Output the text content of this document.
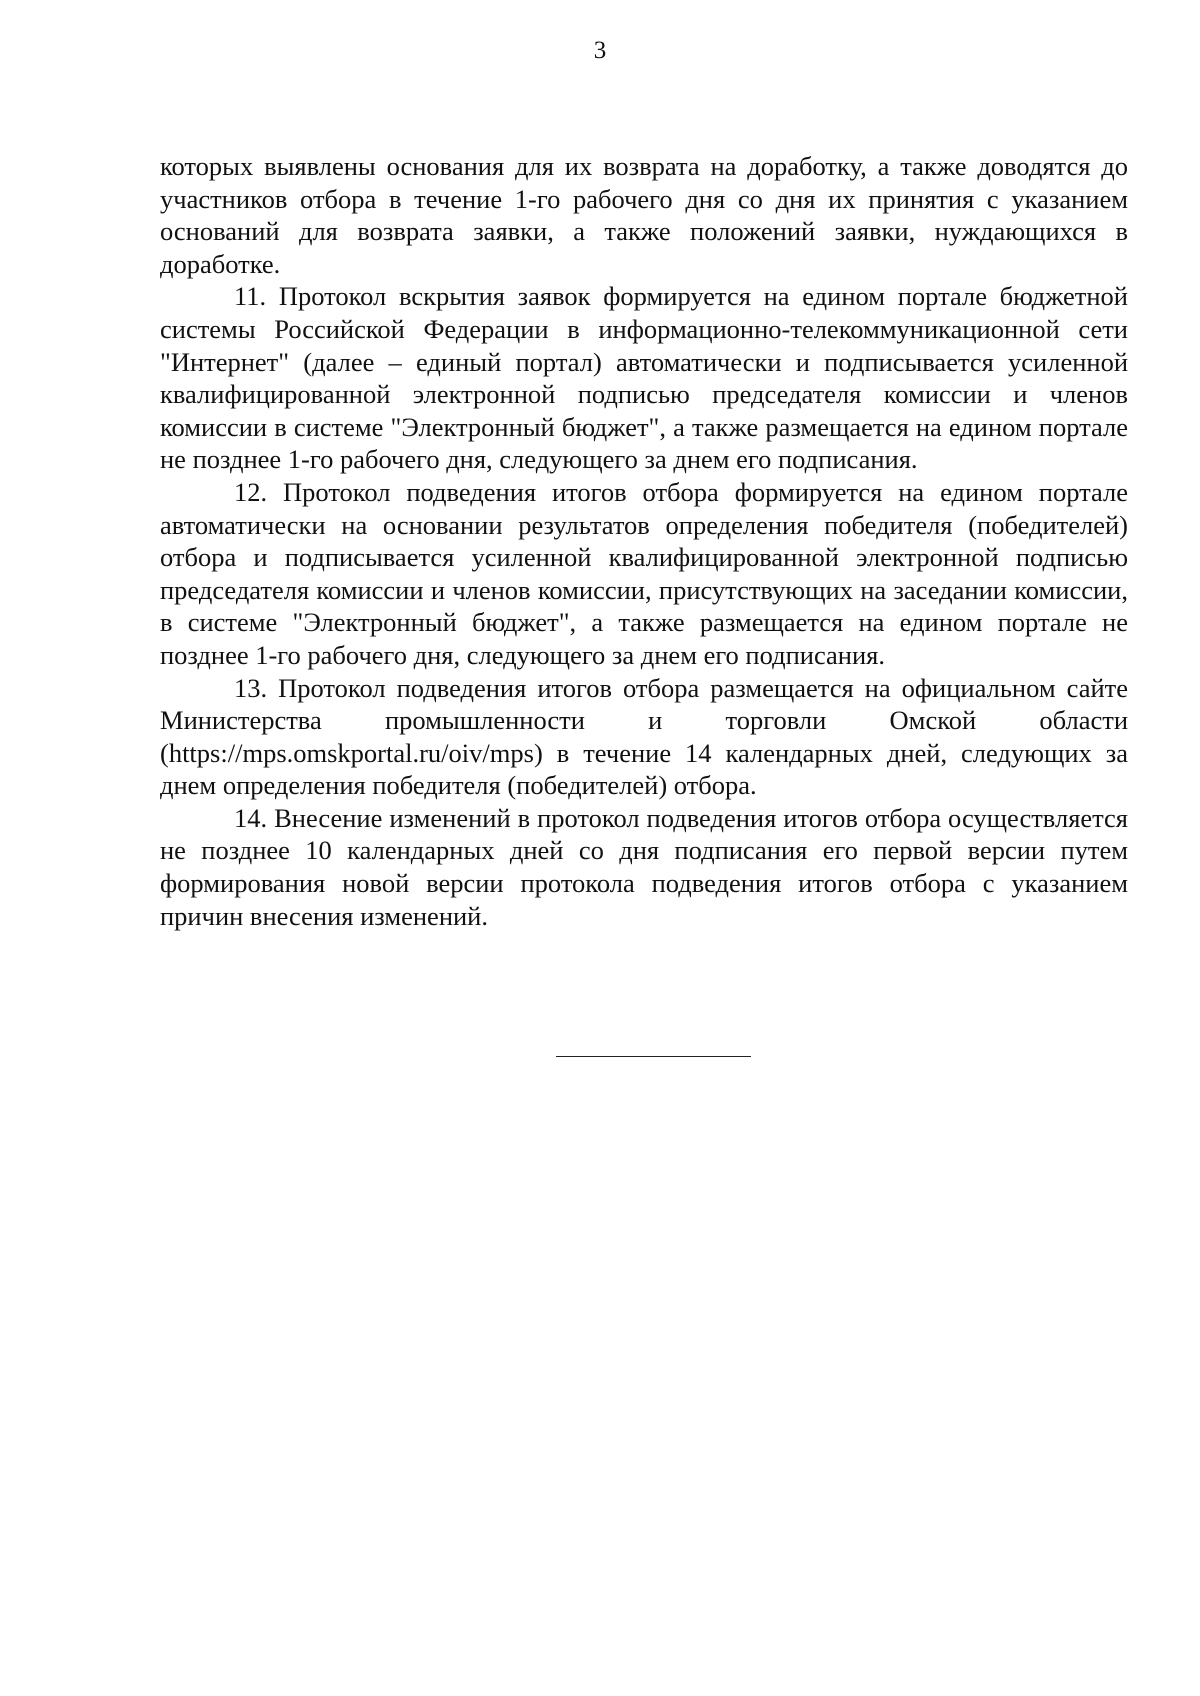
3

которых выявлены основания для их возврата на доработку, а также доводятся до участников отбора в течение 1-го рабочего дня со дня их принятия с указанием оснований для возврата заявки, а также положений заявки, нуждающихся в доработке.

11. Протокол вскрытия заявок формируется на едином портале бюджетной системы Российской Федерации в информационно-телекоммуникационной сети "Интернет" (далее – единый портал) автоматически и подписывается усиленной квалифицированной электронной подписью председателя комиссии и членов комиссии в системе "Электронный бюджет", а также размещается на едином портале не позднее 1-го рабочего дня, следующего за днем его подписания.

12. Протокол подведения итогов отбора формируется на едином портале автоматически на основании результатов определения победителя (победителей) отбора и подписывается усиленной квалифицированной электронной подписью председателя комиссии и членов комиссии, присутствующих на заседании комиссии, в системе "Электронный бюджет", а также размещается на едином портале не позднее 1-го рабочего дня, следующего за днем его подписания.

13. Протокол подведения итогов отбора размещается на официальном сайте Министерства промышленности и торговли Омской области (https://mps.omskportal.ru/oiv/mps) в течение 14 календарных дней, следующих за днем определения победителя (победителей) отбора.

14. Внесение изменений в протокол подведения итогов отбора осуществляется не позднее 10 календарных дней со дня подписания его первой версии путем формирования новой версии протокола подведения итогов отбора с указанием причин внесения изменений.
